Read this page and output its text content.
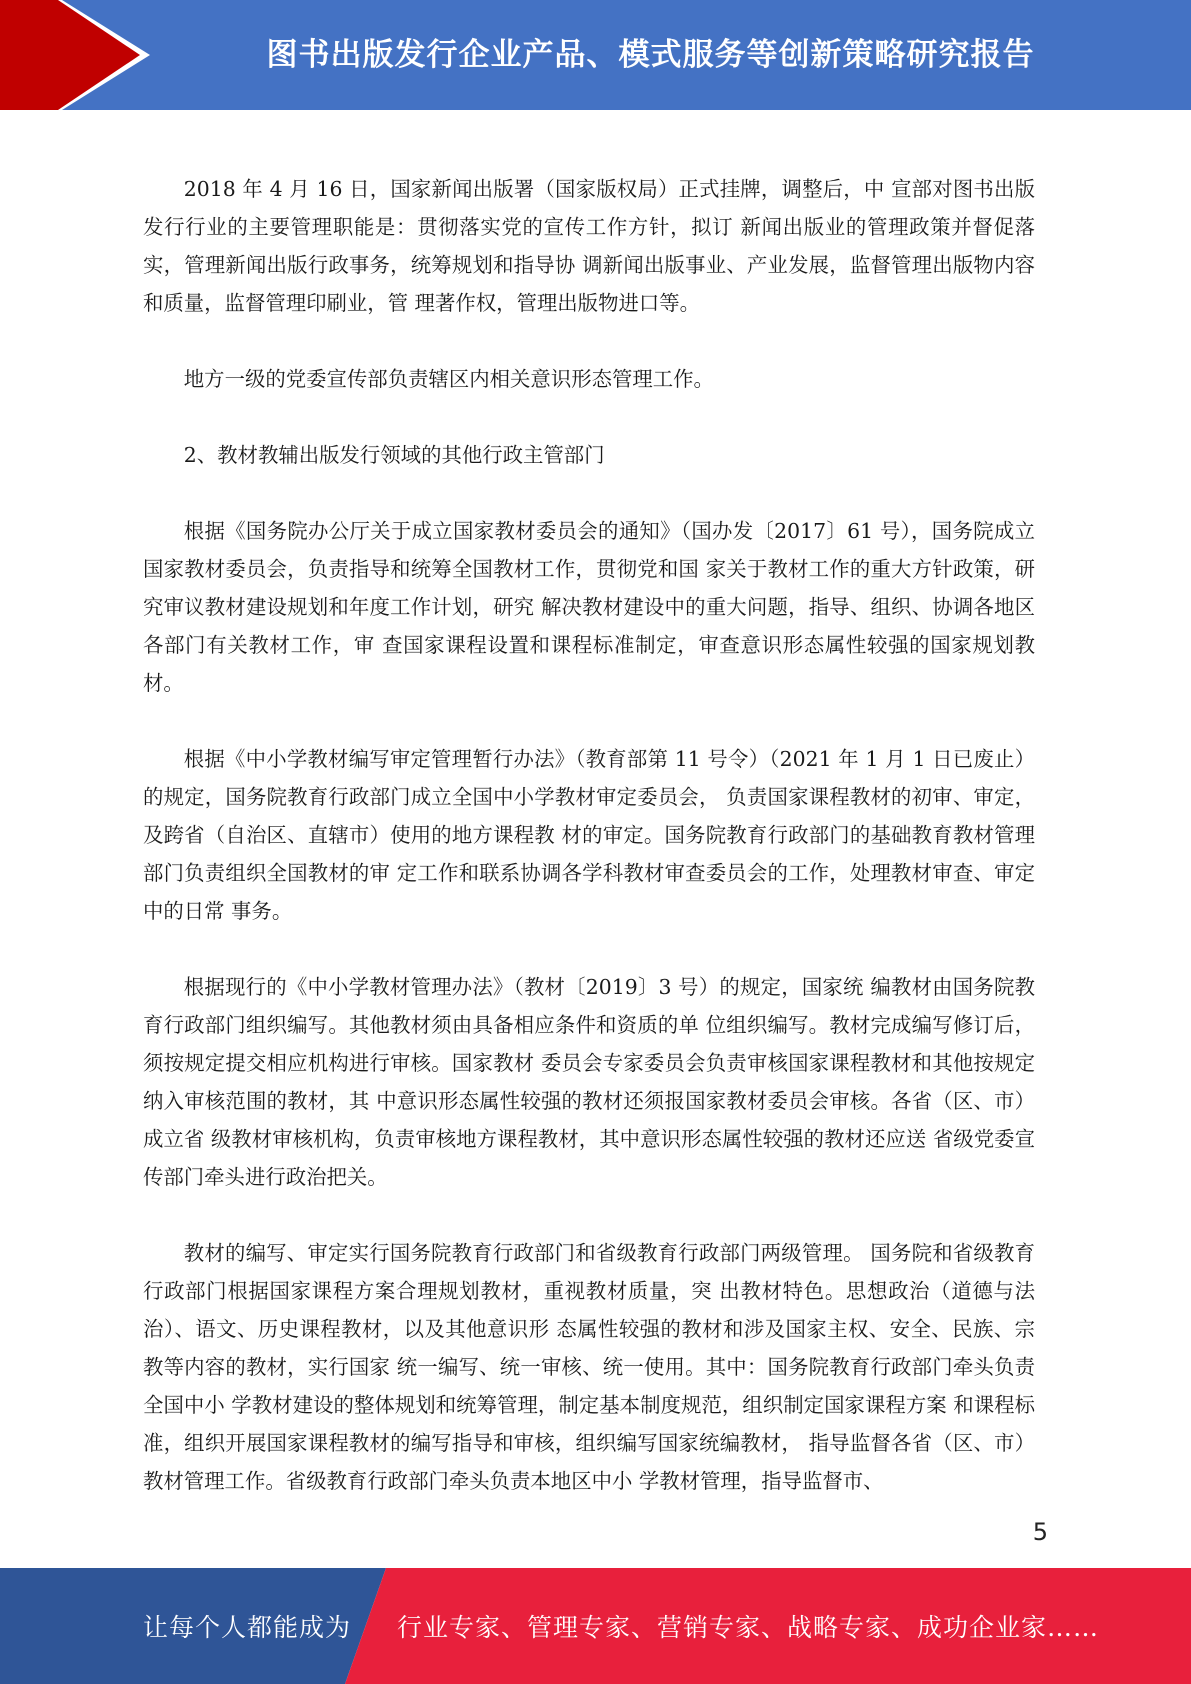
图书出版发行企业产品、模式服务等创新策略研究报告

2018 年 4 月 16 日，国家新闻出版署（国家版权局）正式挂牌，调整后，中 宣部对图书出版发行行业的主要管理职能是：贯彻落实党的宣传工作方针，拟订 新闻出版业的管理政策并督促落实，管理新闻出版行政事务，统筹规划和指导协 调新闻出版事业、产业发展，监督管理出版物内容和质量，监督管理印刷业，管 理著作权，管理出版物进口等。

地方一级的党委宣传部负责辖区内相关意识形态管理工作。

2、教材教辅出版发行领域的其他行政主管部门

根据《国务院办公厅关于成立国家教材委员会的通知》（国办发〔2017〕61 号），国务院成立国家教材委员会，负责指导和统筹全国教材工作，贯彻党和国 家关于教材工作的重大方针政策，研究审议教材建设规划和年度工作计划，研究 解决教材建设中的重大问题，指导、组织、协调各地区各部门有关教材工作，审 查国家课程设置和课程标准制定，审查意识形态属性较强的国家规划教材。

根据《中小学教材编写审定管理暂行办法》（教育部第 11 号令）（2021 年 1 月 1 日已废止）的规定，国务院教育行政部门成立全国中小学教材审定委员会， 负责国家课程教材的初审、审定，及跨省（自治区、直辖市）使用的地方课程教 材的审定。国务院教育行政部门的基础教育教材管理部门负责组织全国教材的审 定工作和联系协调各学科教材审查委员会的工作，处理教材审查、审定中的日常 事务。

根据现行的《中小学教材管理办法》（教材〔2019〕3 号）的规定，国家统 编教材由国务院教育行政部门组织编写。其他教材须由具备相应条件和资质的单 位组织编写。教材完成编写修订后，须按规定提交相应机构进行审核。国家教材 委员会专家委员会负责审核国家课程教材和其他按规定纳入审核范围的教材，其 中意识形态属性较强的教材还须报国家教材委员会审核。各省（区、市）成立省 级教材审核机构，负责审核地方课程教材，其中意识形态属性较强的教材还应送 省级党委宣传部门牵头进行政治把关。

教材的编写、审定实行国务院教育行政部门和省级教育行政部门两级管理。 国务院和省级教育行政部门根据国家课程方案合理规划教材，重视教材质量，突 出教材特色。思想政治（道德与法治）、语文、历史课程教材，以及其他意识形 态属性较强的教材和涉及国家主权、安全、民族、宗教等内容的教材，实行国家 统一编写、统一审核、统一使用。其中：国务院教育行政部门牵头负责全国中小 学教材建设的整体规划和统筹管理，制定基本制度规范，组织制定国家课程方案 和课程标准，组织开展国家课程教材的编写指导和审核，组织编写国家统编教材， 指导监督各省（区、市）教材管理工作。省级教育行政部门牵头负责本地区中小 学教材管理，指导监督市、

5
让每个人都能成为 行业专家、管理专家、营销专家、战略专家、成功企业家……
